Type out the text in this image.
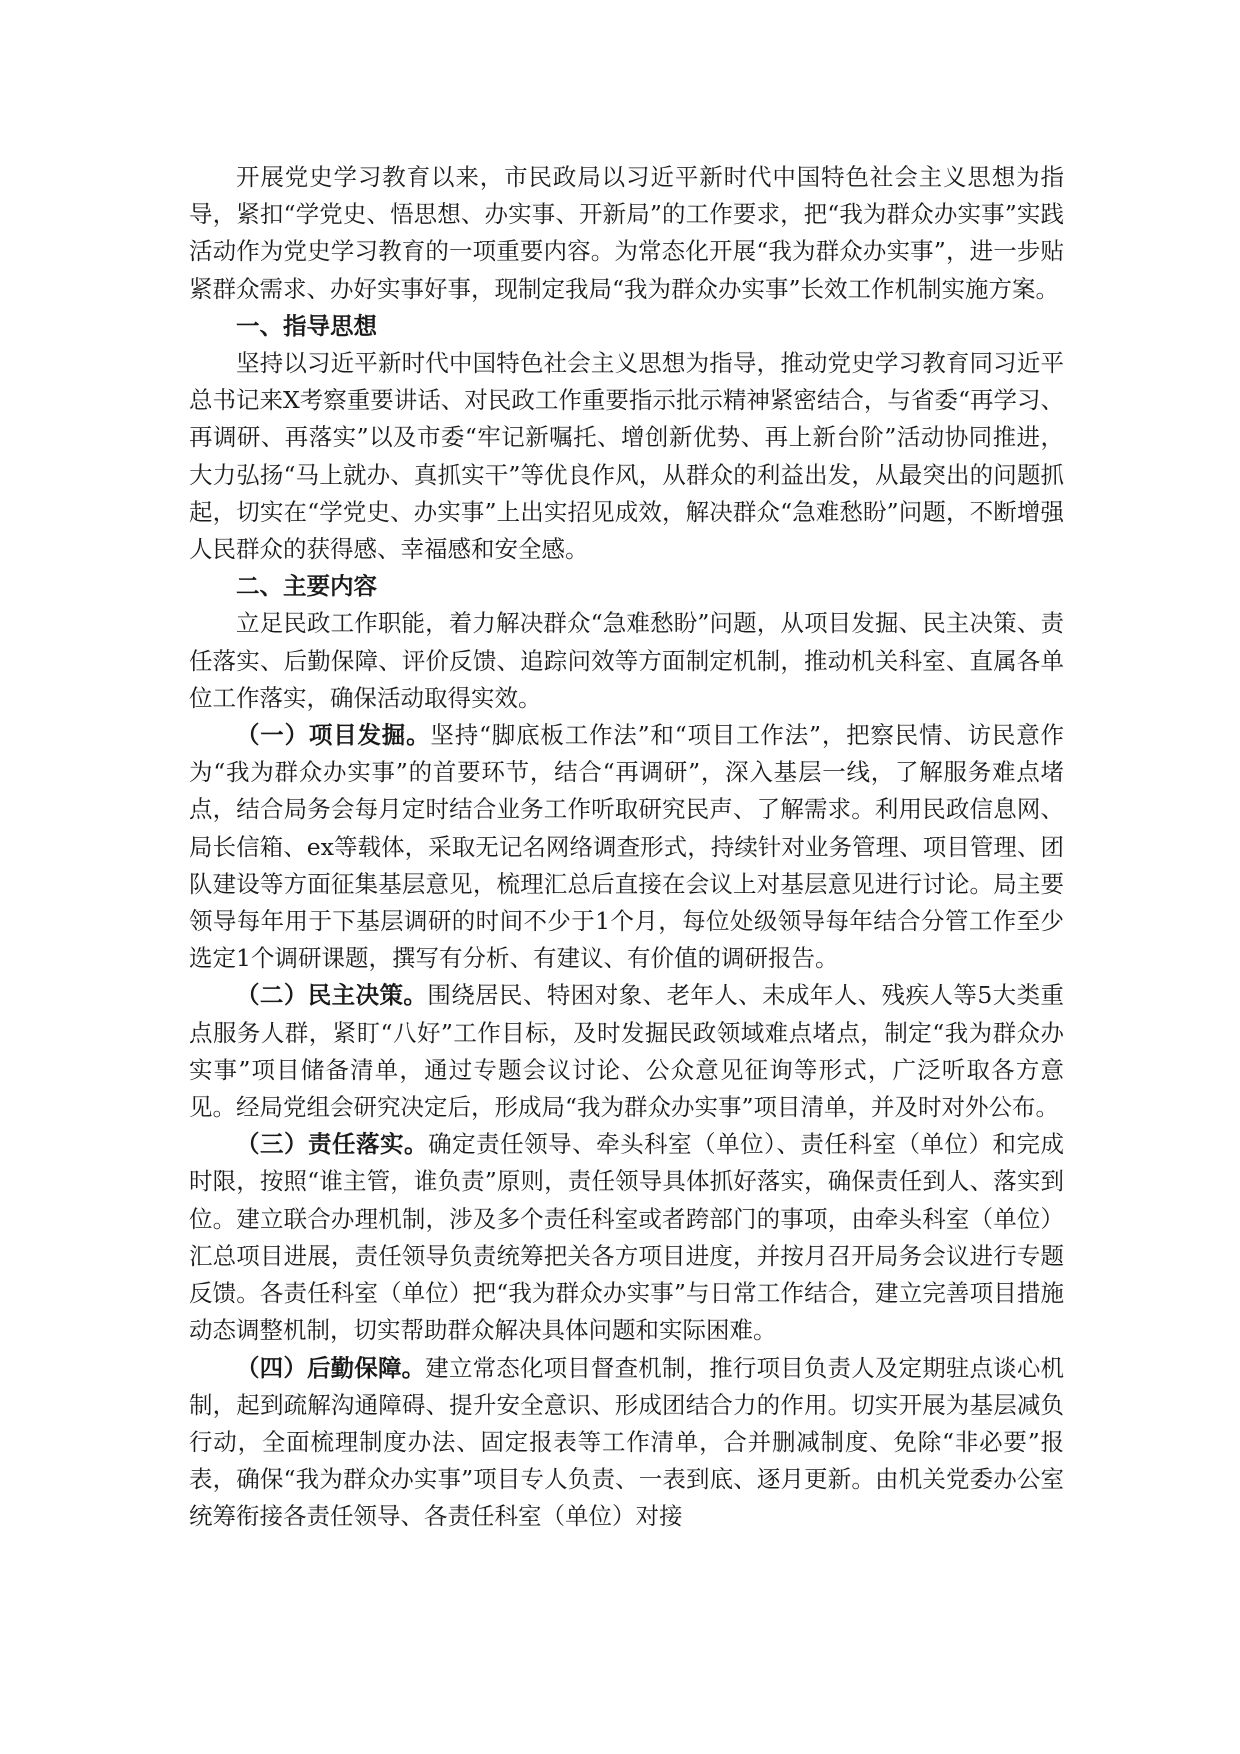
开展党史学习教育以来，市民政局以习近平新时代中国特色社会主义思想为指导，紧扣“学党史、悟思想、办实事、开新局”的工作要求，把“我为群众办实事”实践活动作为党史学习教育的一项重要内容。为常态化开展“我为群众办实事”，进一步贴紧群众需求、办好实事好事，现制定我局“我为群众办实事”长效工作机制实施方案。

一、指导思想

坚持以习近平新时代中国特色社会主义思想为指导，推动党史学习教育同习近平总书记来X考察重要讲话、对民政工作重要指示批示精神紧密结合，与省委“再学习、再调研、再落实”以及市委“牢记新嘱托、增创新优势、再上新台阶”活动协同推进，大力弘扬“马上就办、真抓实干”等优良作风，从群众的利益出发，从最突出的问题抓起，切实在“学党史、办实事”上出实招见成效，解决群众“急难愁盼”问题，不断增强人民群众的获得感、幸福感和安全感。

二、主要内容

立足民政工作职能，着力解决群众“急难愁盼”问题，从项目发掘、民主决策、责任落实、后勤保障、评价反馈、追踪问效等方面制定机制，推动机关科室、直属各单位工作落实，确保活动取得实效。

（一）项目发掘。坚持“脚底板工作法”和“项目工作法”，把察民情、访民意作为“我为群众办实事”的首要环节，结合“再调研”，深入基层一线，了解服务难点堵点，结合局务会每月定时结合业务工作听取研究民声、了解需求。利用民政信息网、局长信箱、ex等载体，采取无记名网络调查形式，持续针对业务管理、项目管理、团队建设等方面征集基层意见，梳理汇总后直接在会议上对基层意见进行讨论。局主要领导每年用于下基层调研的时间不少于1个月，每位处级领导每年结合分管工作至少选定1个调研课题，撰写有分析、有建议、有价值的调研报告。

（二）民主决策。围绕居民、特困对象、老年人、未成年人、残疾人等5大类重点服务人群，紧盯“八好”工作目标，及时发掘民政领域难点堵点，制定“我为群众办实事”项目储备清单，通过专题会议讨论、公众意见征询等形式，广泛听取各方意见。经局党组会研究决定后，形成局“我为群众办实事”项目清单，并及时对外公布。

（三）责任落实。确定责任领导、牵头科室（单位）、责任科室（单位）和完成时限，按照“谁主管，谁负责”原则，责任领导具体抓好落实，确保责任到人、落实到位。建立联合办理机制，涉及多个责任科室或者跨部门的事项，由牵头科室（单位）汇总项目进展，责任领导负责统筹把关各方项目进度，并按月召开局务会议进行专题反馈。各责任科室（单位）把“我为群众办实事”与日常工作结合，建立完善项目措施动态调整机制，切实帮助群众解决具体问题和实际困难。

（四）后勤保障。建立常态化项目督查机制，推行项目负责人及定期驻点谈心机制，起到疏解沟通障碍、提升安全意识、形成团结合力的作用。切实开展为基层减负行动，全面梳理制度办法、固定报表等工作清单，合并删减制度、免除“非必要”报表，确保“我为群众办实事”项目专人负责、一表到底、逐月更新。由机关党委办公室统筹衔接各责任领导、各责任科室（单位）对接
